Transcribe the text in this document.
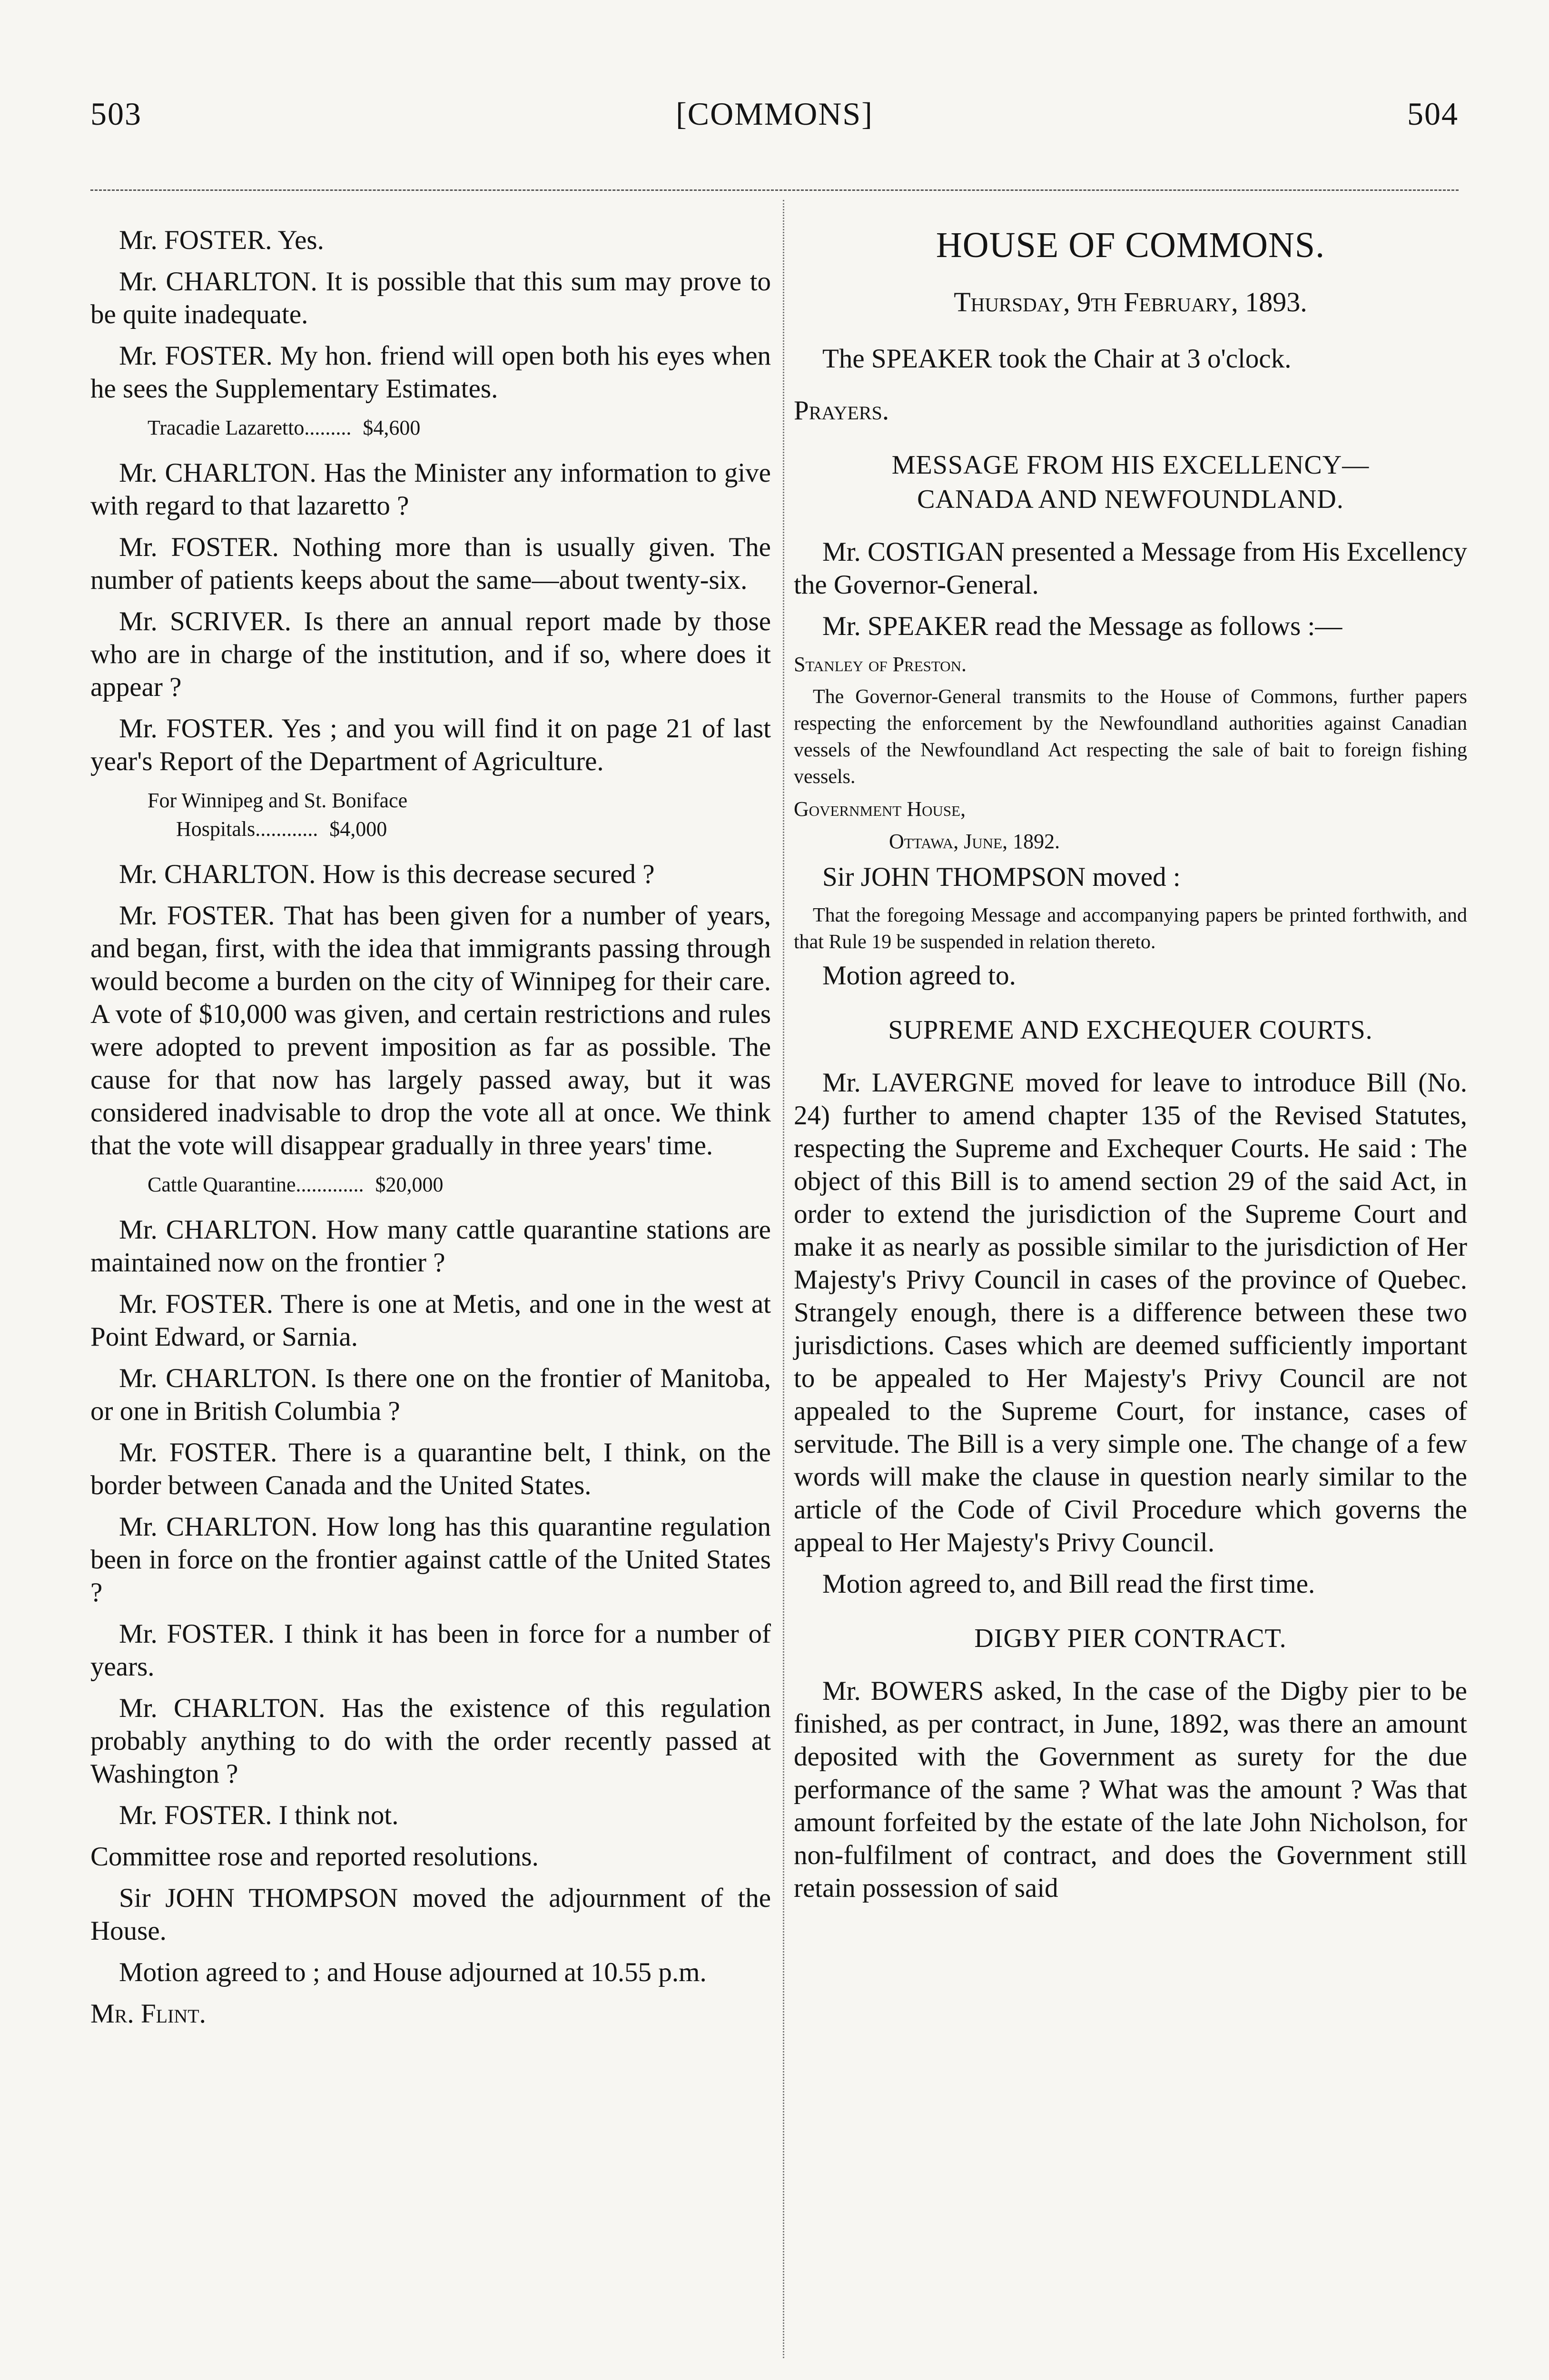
503	[COMMONS]	504

Mr. FOSTER. Yes.

Mr. CHARLTON. It is possible that this sum may prove to be quite inadequate.

Mr. FOSTER. My hon. friend will open both his eyes when he sees the Supplementary Estimates.

Tracadie Lazaretto......... $4,600

Mr. CHARLTON. Has the Minister any information to give with regard to that lazaretto ?

Mr. FOSTER. Nothing more than is usually given. The number of patients keeps about the same—about twenty-six.

Mr. SCRIVER. Is there an annual report made by those who are in charge of the institution, and if so, where does it appear ?

Mr. FOSTER. Yes ; and you will find it on page 21 of last year's Report of the Department of Agriculture.

For Winnipeg and St. Boniface
Hospitals............ $4,000

Mr. CHARLTON. How is this decrease secured ?

Mr. FOSTER. That has been given for a number of years, and began, first, with the idea that immigrants passing through would become a burden on the city of Winnipeg for their care. A vote of $10,000 was given, and certain restrictions and rules were adopted to prevent imposition as far as possible. The cause for that now has largely passed away, but it was considered inadvisable to drop the vote all at once. We think that the vote will disappear gradually in three years' time.

Cattle Quarantine............. $20,000

Mr. CHARLTON. How many cattle quarantine stations are maintained now on the frontier ?

Mr. FOSTER. There is one at Metis, and one in the west at Point Edward, or Sarnia.

Mr. CHARLTON. Is there one on the frontier of Manitoba, or one in British Columbia ?

Mr. FOSTER. There is a quarantine belt, I think, on the border between Canada and the United States.

Mr. CHARLTON. How long has this quarantine regulation been in force on the frontier against cattle of the United States ?

Mr. FOSTER. I think it has been in force for a number of years.

Mr. CHARLTON. Has the existence of this regulation probably anything to do with the order recently passed at Washington ?

Mr. FOSTER. I think not.

Committee rose and reported resolutions.

Sir JOHN THOMPSON moved the adjournment of the House.

Motion agreed to ; and House adjourned at 10.55 p.m.

Mr. Flint.

HOUSE OF COMMONS.
Thursday, 9th February, 1893.

The SPEAKER took the Chair at 3 o'clock.

Prayers.

MESSAGE FROM HIS EXCELLENCY—
CANADA AND NEWFOUNDLAND.

Mr. COSTIGAN presented a Message from His Excellency the Governor-General.

Mr. SPEAKER read the Message as follows :—

Stanley of Preston.

The Governor-General transmits to the House of Commons, further papers respecting the enforcement by the Newfoundland authorities against Canadian vessels of the Newfoundland Act respecting the sale of bait to foreign fishing vessels.

Government House,
Ottawa, June, 1892.

Sir JOHN THOMPSON moved :

That the foregoing Message and accompanying papers be printed forthwith, and that Rule 19 be suspended in relation thereto.

Motion agreed to.

SUPREME AND EXCHEQUER COURTS.

Mr. LAVERGNE moved for leave to introduce Bill (No. 24) further to amend chapter 135 of the Revised Statutes, respecting the Supreme and Exchequer Courts. He said : The object of this Bill is to amend section 29 of the said Act, in order to extend the jurisdiction of the Supreme Court and make it as nearly as possible similar to the jurisdiction of Her Majesty's Privy Council in cases of the province of Quebec. Strangely enough, there is a difference between these two jurisdictions. Cases which are deemed sufficiently important to be appealed to Her Majesty's Privy Council are not appealed to the Supreme Court, for instance, cases of servitude. The Bill is a very simple one. The change of a few words will make the clause in question nearly similar to the article of the Code of Civil Procedure which governs the appeal to Her Majesty's Privy Council.

Motion agreed to, and Bill read the first time.

DIGBY PIER CONTRACT.

Mr. BOWERS asked, In the case of the Digby pier to be finished, as per contract, in June, 1892, was there an amount deposited with the Government as surety for the due performance of the same ? What was the amount ? Was that amount forfeited by the estate of the late John Nicholson, for non-fulfilment of contract, and does the Government still retain possession of said
